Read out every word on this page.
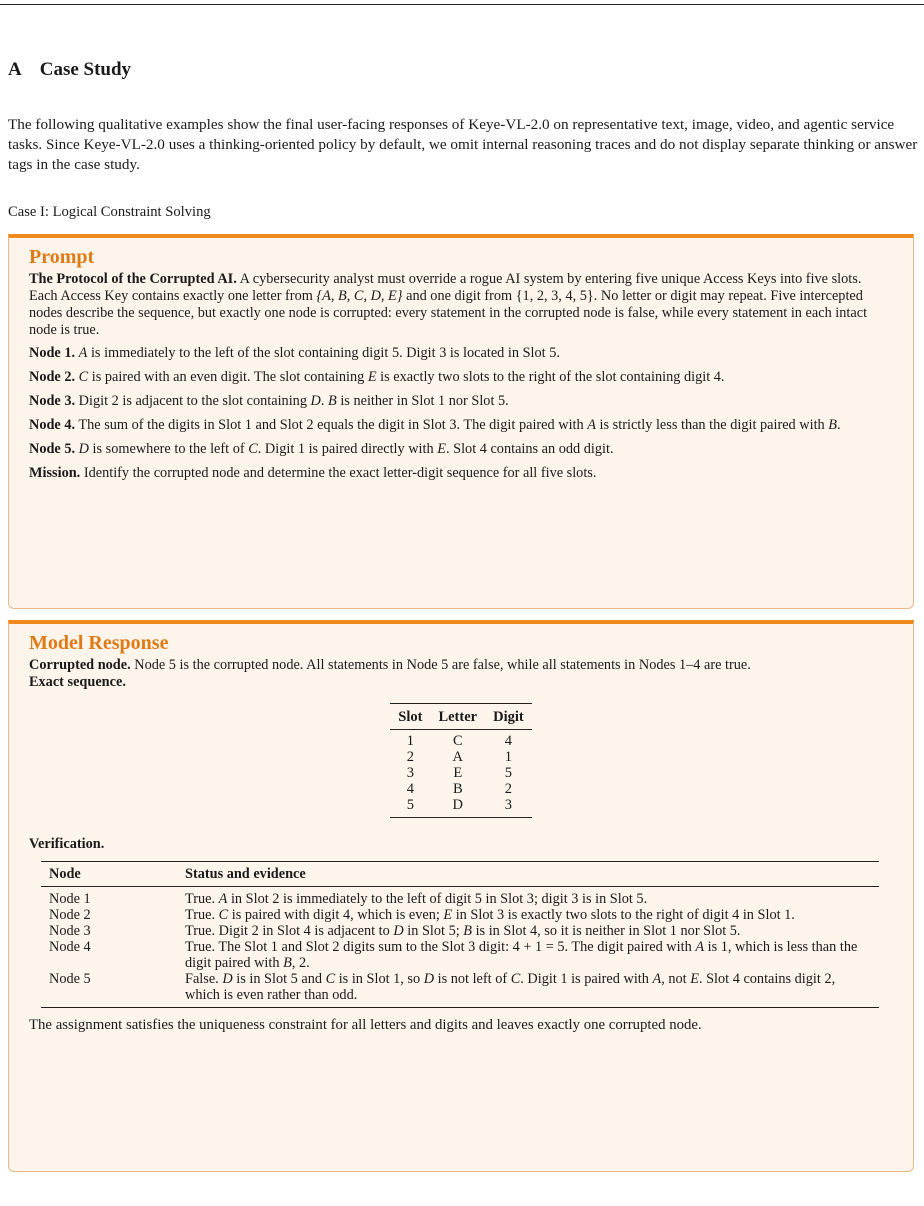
A Case Study
The following qualitative examples show the final user-facing responses of Keye-VL-2.0 on representative text, image, video, and agentic service tasks. Since Keye-VL-2.0 uses a thinking-oriented policy by default, we omit internal reasoning traces and do not display separate thinking or answer tags in the case study.
Case I: Logical Constraint Solving
Prompt

The Protocol of the Corrupted AI. A cybersecurity analyst must override a rogue AI system by entering five unique Access Keys into five slots. Each Access Key contains exactly one letter from {A, B, C, D, E} and one digit from {1, 2, 3, 4, 5}. No letter or digit may repeat. Five intercepted nodes describe the sequence, but exactly one node is corrupted: every statement in the corrupted node is false, while every statement in each intact node is true.

Node 1. A is immediately to the left of the slot containing digit 5. Digit 3 is located in Slot 5.

Node 2. C is paired with an even digit. The slot containing E is exactly two slots to the right of the slot containing digit 4.

Node 3. Digit 2 is adjacent to the slot containing D. B is neither in Slot 1 nor Slot 5.

Node 4. The sum of the digits in Slot 1 and Slot 2 equals the digit in Slot 3. The digit paired with A is strictly less than the digit paired with B.

Node 5. D is somewhere to the left of C. Digit 1 is paired directly with E. Slot 4 contains an odd digit.

Mission. Identify the corrupted node and determine the exact letter-digit sequence for all five slots.

Model Response
Corrupted node. Node 5 is the corrupted node. All statements in Node 5 are false, while all statements in Nodes 1–4 are true.
Exact sequence.
Slot	Letter	Digit
1	C	4
2	A	1
3	E	5
4	B	2
5	D	3
Verification.
Node	Status and evidence
Node 1	True. A in Slot 2 is immediately to the left of digit 5 in Slot 3; digit 3 is in Slot 5.
Node 2	True. C is paired with digit 4, which is even; E in Slot 3 is exactly two slots to the right of digit 4 in Slot 1.
Node 3	True. Digit 2 in Slot 4 is adjacent to D in Slot 5; B is in Slot 4, so it is neither in Slot 1 nor Slot 5.
Node 4	True. The Slot 1 and Slot 2 digits sum to the Slot 3 digit: 4 + 1 = 5. The digit paired with A is 1, which is less than the digit paired with B, 2.
Node 5	False. D is in Slot 5 and C is in Slot 1, so D is not left of C. Digit 1 is paired with A, not E. Slot 4 contains digit 2, which is even rather than odd.
The assignment satisfies the uniqueness constraint for all letters and digits and leaves exactly one corrupted node.
